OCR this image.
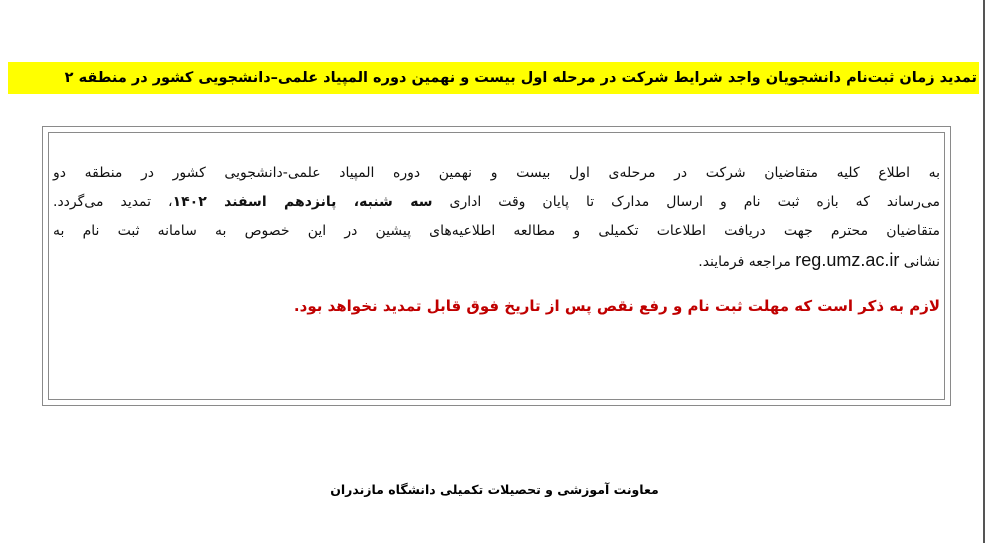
تمدید زمان ثبت‌نام دانشجویان واجد شرایط شرکت در مرحله اول بیست و نهمین دوره المپیاد علمی–دانشجویی کشور در منطقه ۲
به اطلاع کلیه متقاضیان شرکت در مرحله‌ی اول بیست و نهمین دوره المپیاد علمی-دانشجویی کشور در منطقه دو
می‌رساند که بازه ثبت نام و ارسال مدارک تا پایان وقت اداری سه شنبه، پانزدهم اسفند ۱۴۰۲، تمدید می‌گردد.
متقاضیان محترم جهت دریافت اطلاعات تکمیلی و مطالعه اطلاعیه‌های پیشین در این خصوص به سامانه ثبت نام به
نشانی reg.umz.ac.ir مراجعه فرمایند.
لازم به ذکر است که مهلت ثبت نام و رفع نقص پس از تاریخ فوق قابل تمدید نخواهد بود.
معاونت آموزشی و تحصیلات تکمیلی دانشگاه مازندران
